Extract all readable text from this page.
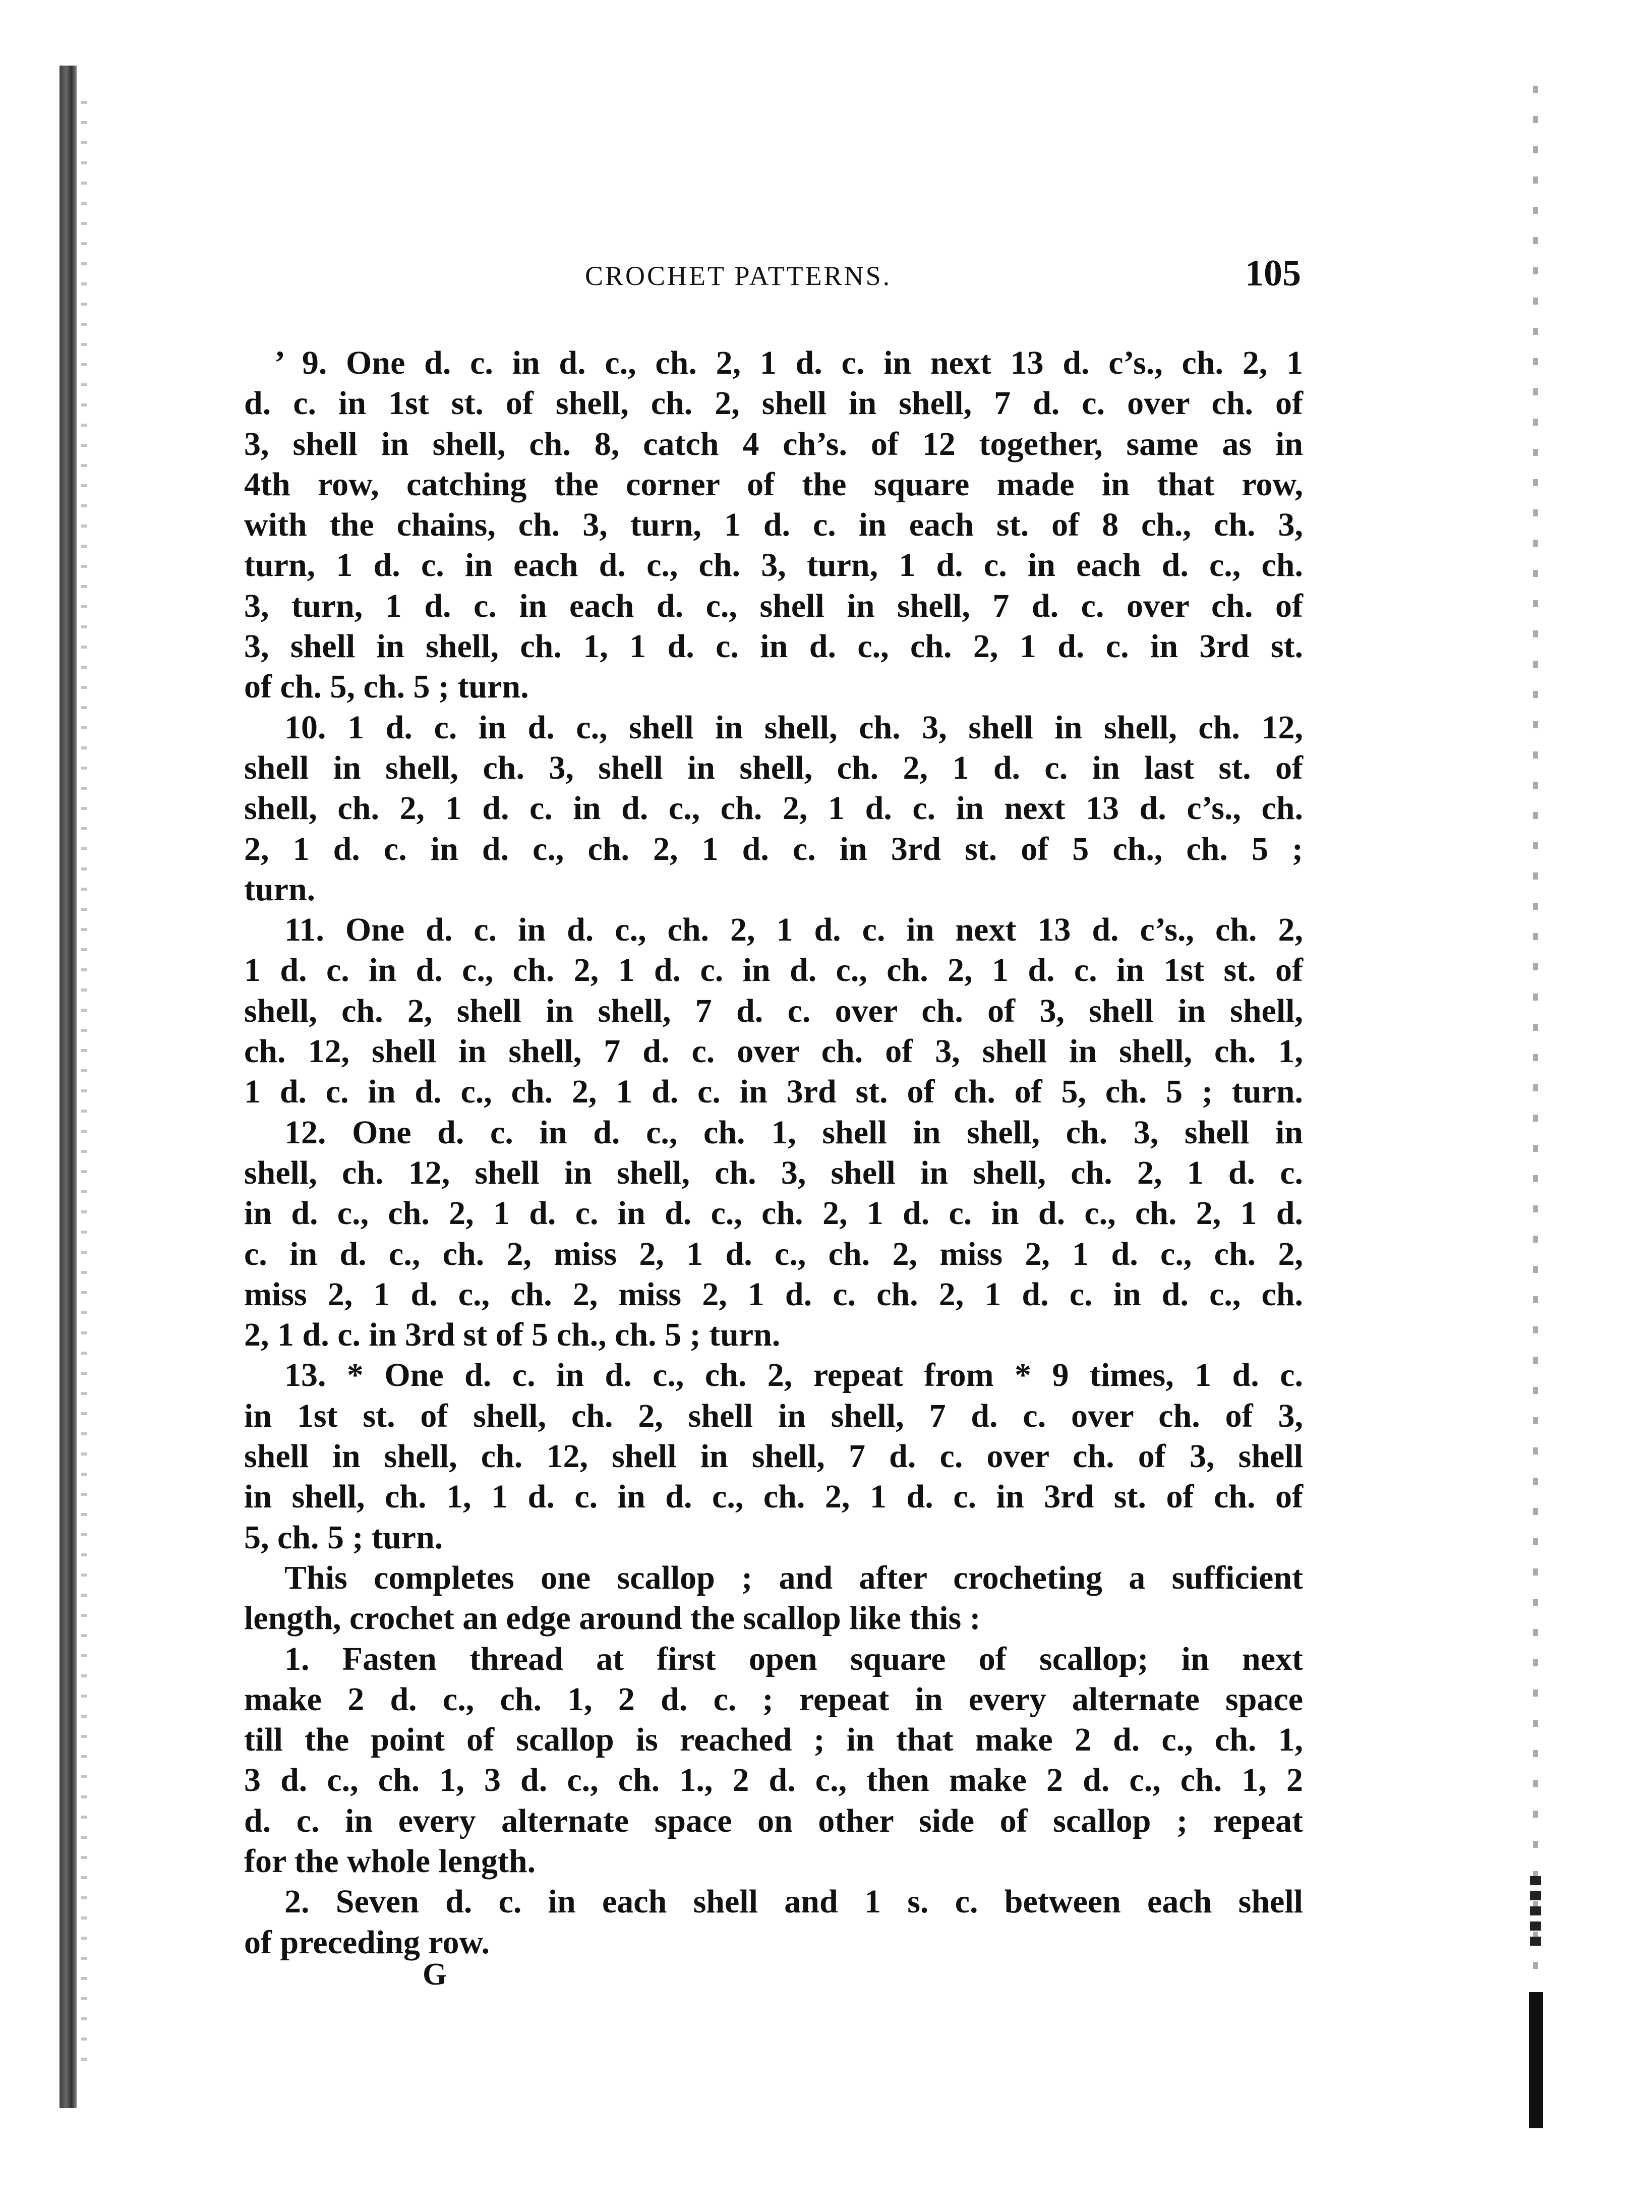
CROCHET PATTERNS.	105
’ 9. One d. c. in d. c., ch. 2, 1 d. c. in next 13 d. c’s., ch. 2, 1
d. c. in 1st st. of shell, ch. 2, shell in shell, 7 d. c. over ch. of
3, shell in shell, ch. 8, catch 4 ch’s. of 12 together, same as in
4th row, catching the corner of the square made in that row,
with the chains, ch. 3, turn, 1 d. c. in each st. of 8 ch., ch. 3,
turn, 1 d. c. in each d. c., ch. 3, turn, 1 d. c. in each d. c., ch.
3, turn, 1 d. c. in each d. c., shell in shell, 7 d. c. over ch. of
3, shell in shell, ch. 1, 1 d. c. in d. c., ch. 2, 1 d. c. in 3rd st.
of ch. 5, ch. 5 ; turn.
10. 1 d. c. in d. c., shell in shell, ch. 3, shell in shell, ch. 12,
shell in shell, ch. 3, shell in shell, ch. 2, 1 d. c. in last st. of
shell, ch. 2, 1 d. c. in d. c., ch. 2, 1 d. c. in next 13 d. c’s., ch.
2, 1 d. c. in d. c., ch. 2, 1 d. c. in 3rd st. of 5 ch., ch. 5 ;
turn.
11. One d. c. in d. c., ch. 2, 1 d. c. in next 13 d. c’s., ch. 2,
1 d. c. in d. c., ch. 2, 1 d. c. in d. c., ch. 2, 1 d. c. in 1st st. of
shell, ch. 2, shell in shell, 7 d. c. over ch. of 3, shell in shell,
ch. 12, shell in shell, 7 d. c. over ch. of 3, shell in shell, ch. 1,
1 d. c. in d. c., ch. 2, 1 d. c. in 3rd st. of ch. of 5, ch. 5 ; turn.
12. One d. c. in d. c., ch. 1, shell in shell, ch. 3, shell in
shell, ch. 12, shell in shell, ch. 3, shell in shell, ch. 2, 1 d. c.
in d. c., ch. 2, 1 d. c. in d. c., ch. 2, 1 d. c. in d. c., ch. 2, 1 d.
c. in d. c., ch. 2, miss 2, 1 d. c., ch. 2, miss 2, 1 d. c., ch. 2,
miss 2, 1 d. c., ch. 2, miss 2, 1 d. c. ch. 2, 1 d. c. in d. c., ch.
2, 1 d. c. in 3rd st of 5 ch., ch. 5 ; turn.
13. * One d. c. in d. c., ch. 2, repeat from * 9 times, 1 d. c.
in 1st st. of shell, ch. 2, shell in shell, 7 d. c. over ch. of 3,
shell in shell, ch. 12, shell in shell, 7 d. c. over ch. of 3, shell
in shell, ch. 1, 1 d. c. in d. c., ch. 2, 1 d. c. in 3rd st. of ch. of
5, ch. 5 ; turn.
This completes one scallop ; and after crocheting a sufficient
length, crochet an edge around the scallop like this :
1. Fasten thread at first open square of scallop; in next
make 2 d. c., ch. 1, 2 d. c. ; repeat in every alternate space
till the point of scallop is reached ; in that make 2 d. c., ch. 1,
3 d. c., ch. 1, 3 d. c., ch. 1., 2 d. c., then make 2 d. c., ch. 1, 2
d. c. in every alternate space on other side of scallop ; repeat
for the whole length.
2. Seven d. c. in each shell and 1 s. c. between each shell
of preceding row.
G
